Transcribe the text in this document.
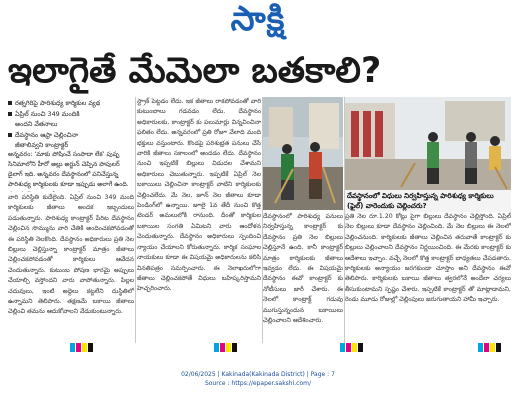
సాక్షి
ఇలాగైతే మేమెలా బతకాలి?
రత్నగిరిపై పారిశుధ్య కార్మికుల వ్యథ
ఏప్రిల్ నుంచి 349 మందికి
అందని వేతనాలు
దేవస్థానం ఆఫ్రా చెల్లించినా
జీతాలివ్వని కాంట్రాక్టర్
అన్నవరం: ‘మాకు పోషించే సంపాదా లేక’ పుష్ప సినిమాలోని హీరో అల్లు అర్జున్ చెప్పిన పాపులర్ డైలాగ్ ఇది. అన్నవరం దేవస్థానంలో పనిచేస్తున్న పారిశుధ్య కార్మికులకు కూడా ఇప్పుడు అలాగే ఉంది.

స్ట్రాక్ పెట్టడం లేదు. ఇక జీతాలు రాకపోవడంతో వారి కుటుంబాలు గడవడం లేదు. దేవస్థానం అధికారులకు, కాంట్రాక్టర్ కు పలుమార్లు విన్నవించినా ఫలితం లేదు. అన్నవరంలో ప్రతి రోజూ వేలాది మంది భక్తులు వస్తుంటారు. కొండపై పరిశుభ్రత పనులు చేసే వారికి జీతాలు సకాలంలో అందడం లేదు. దేవస్థానం నుంచి ఇప్పటికే బిల్లులు విడుదల చేశామని అధికారులు చెబుతున్నారు. ఇప్పటికే ఏప్రిల్ నెల బకాయిలు చెల్లించినా కాంట్రాక్టర్ వాటిని కార్మికులకు చెల్లించలేదు. మే నెల, జూన్ నెల జీతాలు కూడా పెండింగ్‌లో ఉన్నాయి. జూలై 1వ తేదీ నుంచి కొత్త టెండర్ అమలులోకి రానుంది. దీంతో కార్మికుల బకాయిల సంగతి ఏమిటని వారు ఆందోళన చెందుతున్నారు. దేవస్థానం అధికారులు స్పందించి న్యాయం చేయాలని కోరుతున్నారు. కార్మిక సంఘాల నాయకులు కూడా ఈ విషయమై అధికారులను కలిసి వినతిపత్రం సమర్పించారు. ఈ నెలాఖరులోగా జీతాలు చెల్లించకపోతే విధులు బహిష్కరిస్తామని హెచ్చరించారు.

దేవస్థానంలో విధులు నిర్వహిస్తున్న పారిశుధ్య కార్మికులు (ఫైల్) వారెందుకు చెల్లించరు?

వారి పరిస్థితి కుదేలైంది. ఏప్రిల్ నుంచి 349 మంది కార్మికులకు జీతాలు అందక ఇబ్బందులు పడుతున్నారు. పారిశుధ్య కాంట్రాక్టర్ పేరిట దేవస్థానం చెల్లించిన సొమ్మును వారి చేతికి అందించకపోవడంతో ఈ పరిస్థితి నెలకొంది. దేవస్థానం అధికారులు ప్రతి నెల బిల్లులు చెల్లిస్తున్నా కాంట్రాక్టర్ మాత్రం జీతాలు చెల్లించకపోవడంతో కార్మికులు ఆవేదన చెందుతున్నారు. కుటుంబ పోషణ భారమై అప్పులు చేయాల్సి వస్తోందని వారు వాపోతున్నారు. పిల్లల చదువులు, ఇంటి అద్దెలు కట్టలేని దుస్థితిలో ఉన్నామని తెలిపారు. తక్షణమే బకాయి జీతాలు చెల్లించి తమను ఆదుకోవాలని వేడుకుంటున్నారు.

దేవస్థానంలో పారిశుధ్య పనులు నిర్వహిస్తున్న కాంట్రాక్టర్ కు దేవస్థానం ప్రతి నెల బిల్లులు చెల్లిస్తూనే ఉంది. కానీ కాంట్రాక్టర్ మాత్రం కార్మికులకు జీతాలు ఇవ్వడం లేదు. ఈ విషయమై దేవస్థానం ఈవో కాంట్రాక్టర్ కు నోటీసులు జారీ చేశారు. ఈ నెలలో కాంట్రాక్ట్ గడువు ముగుస్తున్నందున బకాయిలు చెల్లించాలని ఆదేశించారు.

ప్రతి నెల రూ.1.20 కోట్లు పైగా బిల్లులు దేవస్థానం చెల్లిస్తోంది. ఏప్రిల్ నెల బిల్లులు కూడా దేవస్థానం చెల్లించింది. మే నెల బిల్లులు ఈ నెలలో చెల్లించనుంది. కార్మికులకు జీతాలు చెల్లించిన తరువాతే కాంట్రాక్టర్ కు బిల్లులు చెల్లించాలని దేవస్థానం నిర్ణయించింది. ఈ మేరకు కాంట్రాక్టర్ కు ఆదేశాలు ఇచ్చాం. వచ్చే నెలలో కొత్త కాంట్రాక్టర్ బాధ్యతలు చేపడతారు. కార్మికులకు అన్యాయం జరగకుండా చూస్తాం అని దేవస్థానం ఈవో తెలిపారు. కార్మికులకు బకాయి జీతాలు త్వరలోనే అందేలా చర్యలు తీసుకుంటామని స్పష్టం చేశారు. ఇప్పటికే కాంట్రాక్టర్ తో మాట్లాడామని, రెండు మూడు రోజుల్లో చెల్లింపులు జరుగుతాయని హామీ ఇచ్చారు.

02/06/2025 | Kakinada(Kakinada District) | Page : 7
Source : https://epaper.sakshi.com/
